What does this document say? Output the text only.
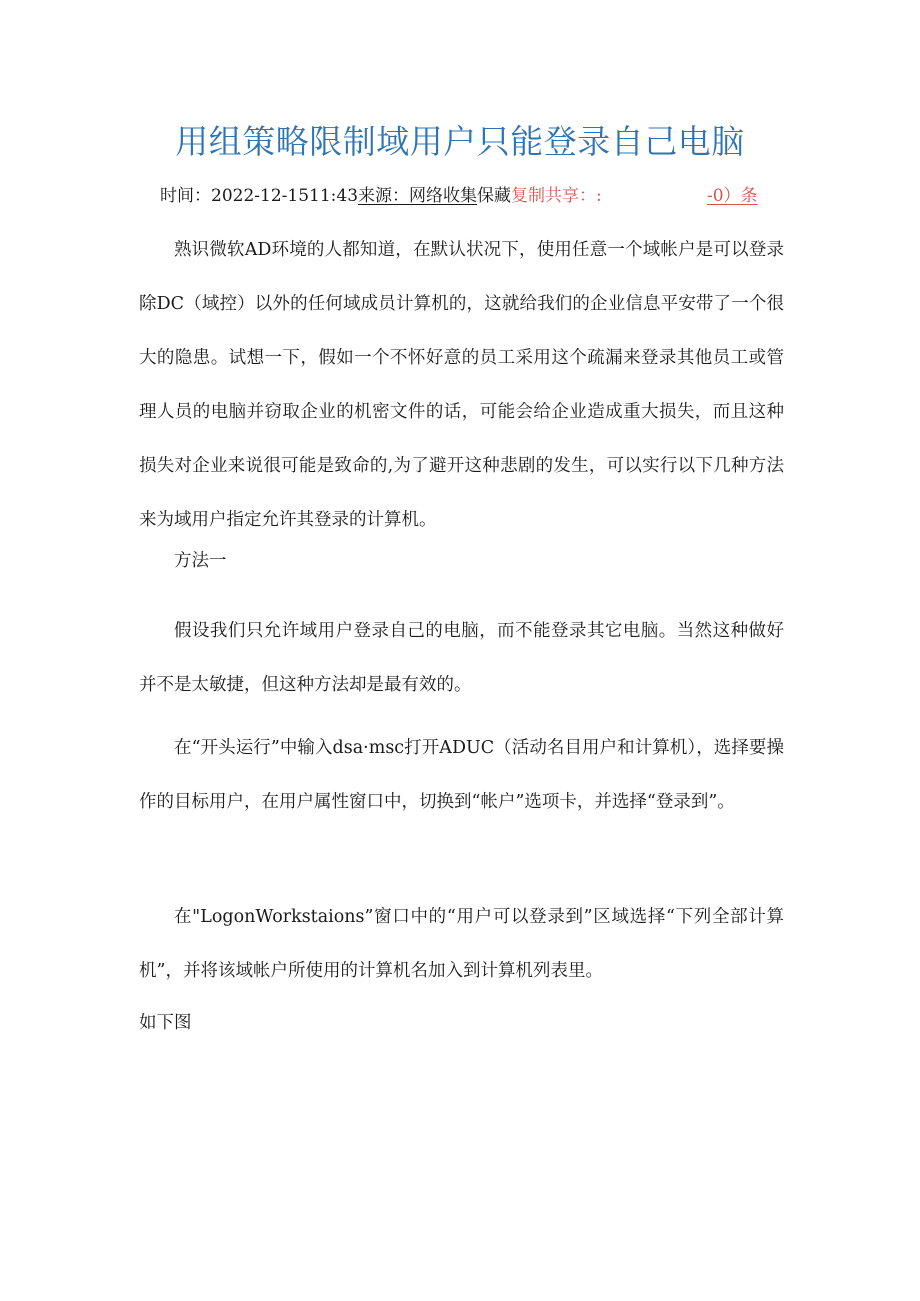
用组策略限制域用户只能登录自己电脑
时间：2022-12-1511:43来源：网络收集保藏复制共享：:	-0）条

熟识微软AD环境的人都知道，在默认状况下，使用任意一个域帐户是可以登录除DC（域控）以外的任何域成员计算机的，这就给我们的企业信息平安带了一个很大的隐患。试想一下，假如一个不怀好意的员工采用这个疏漏来登录其他员工或管理人员的电脑并窃取企业的机密文件的话，可能会给企业造成重大损失，而且这种损失对企业来说很可能是致命的,为了避开这种悲剧的发生，可以实行以下几种方法来为域用户指定允许其登录的计算机。

方法一

假设我们只允许域用户登录自己的电脑，而不能登录其它电脑。当然这种做好并不是太敏捷，但这种方法却是最有效的。

在“开头运行”中输入dsa·msc打开ADUC（活动名目用户和计算机），选择要操作的目标用户，在用户属性窗口中，切换到“帐户”选项卡，并选择“登录到”。

在"LogonWorkstaions”窗口中的“用户可以登录到”区域选择“下列全部计算机”，并将该域帐户所使用的计算机名加入到计算机列表里。

如下图
